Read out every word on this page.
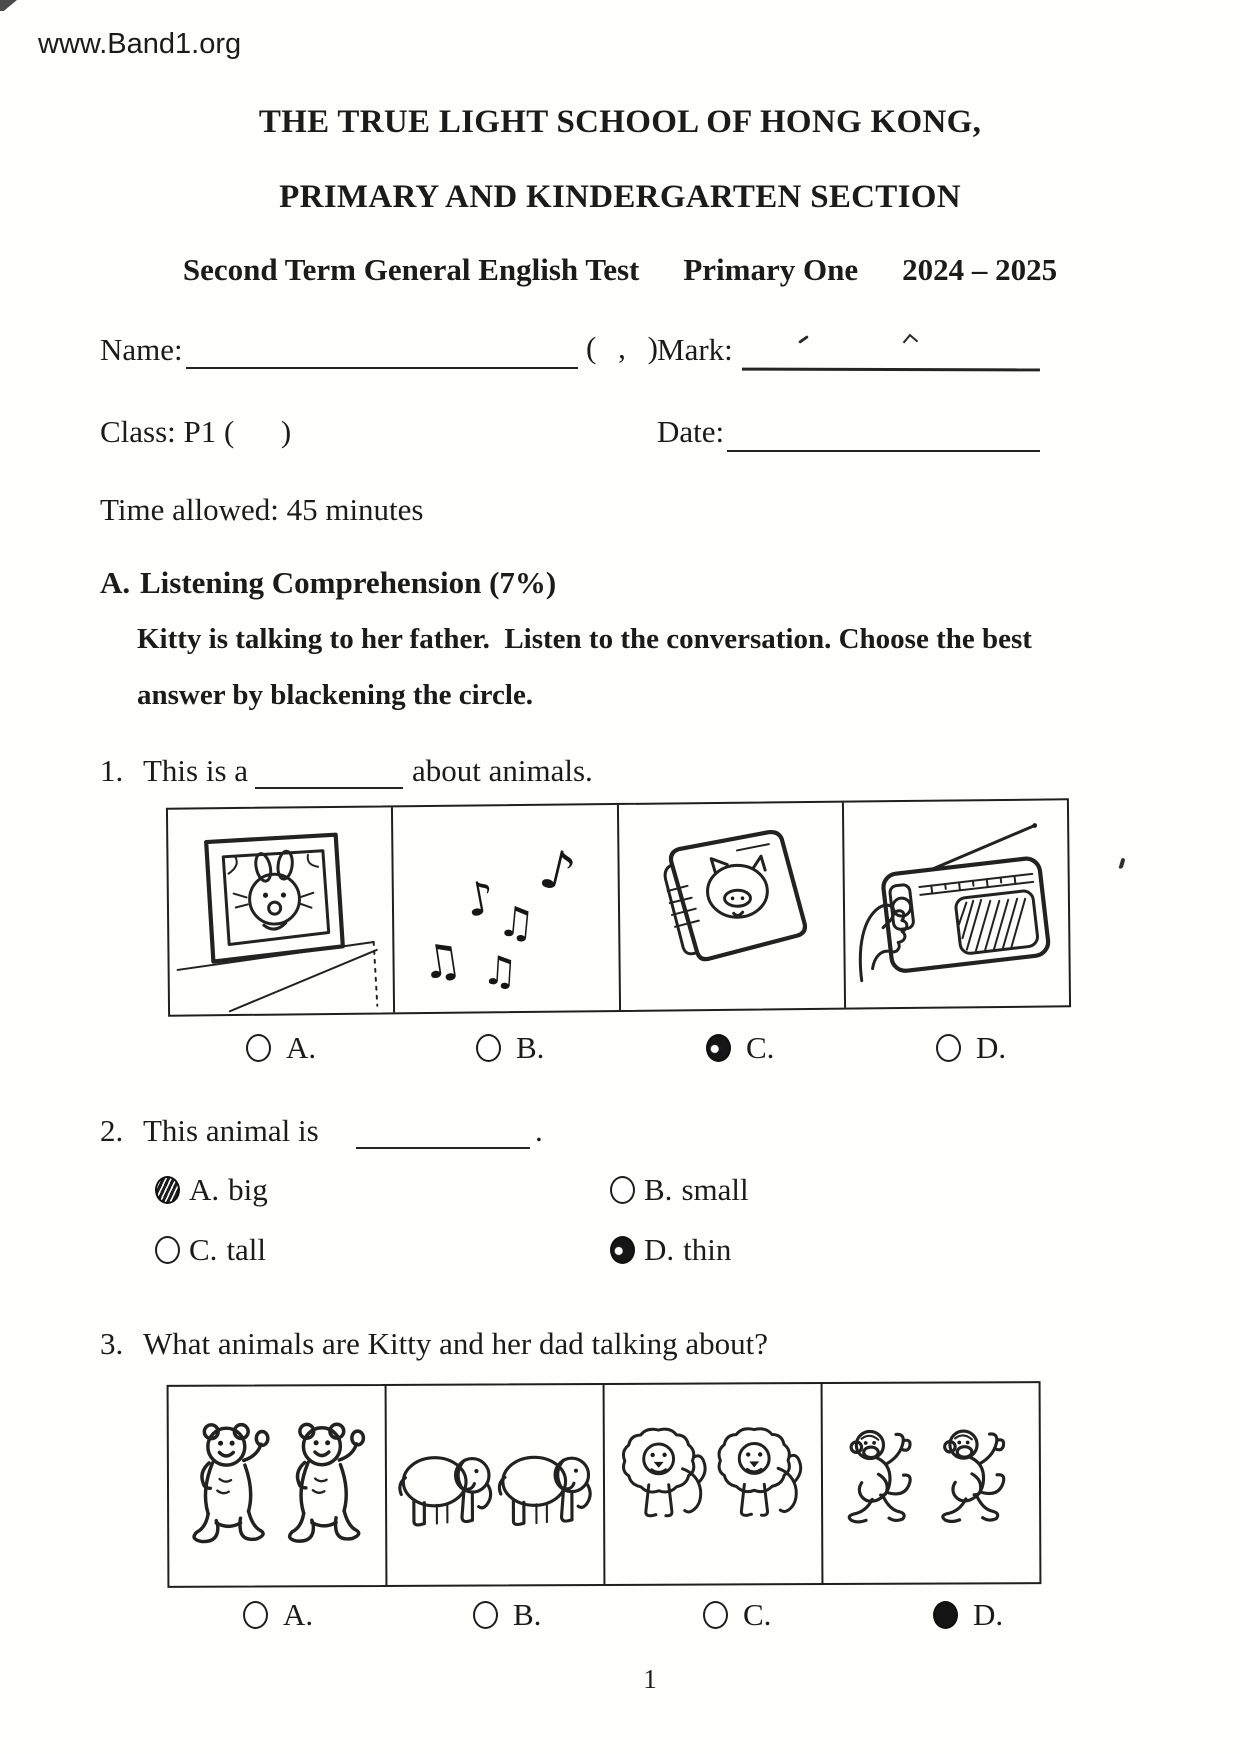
www.Band1.org
THE TRUE LIGHT SCHOOL OF HONG KONG,
PRIMARY AND KINDERGARTEN SECTION
Second Term General English Test Primary One 2024 – 2025
Name:	( , )
Mark:
Class: P1 (      )	Date:
Time allowed: 45 minutes
A. Listening Comprehension (7%)
Kitty is talking to her father.  Listen to the conversation. Choose the best
answer by blackening the circle.
1. This is a	about animals.
♪
♪
♫
♫ ♫
A.	B.	C.	D.
2. This animal is	.
A. big	B. small
C. tall	D. thin
3. What animals are Kitty and her dad talking about?
A.	B.	C.	D.
1
